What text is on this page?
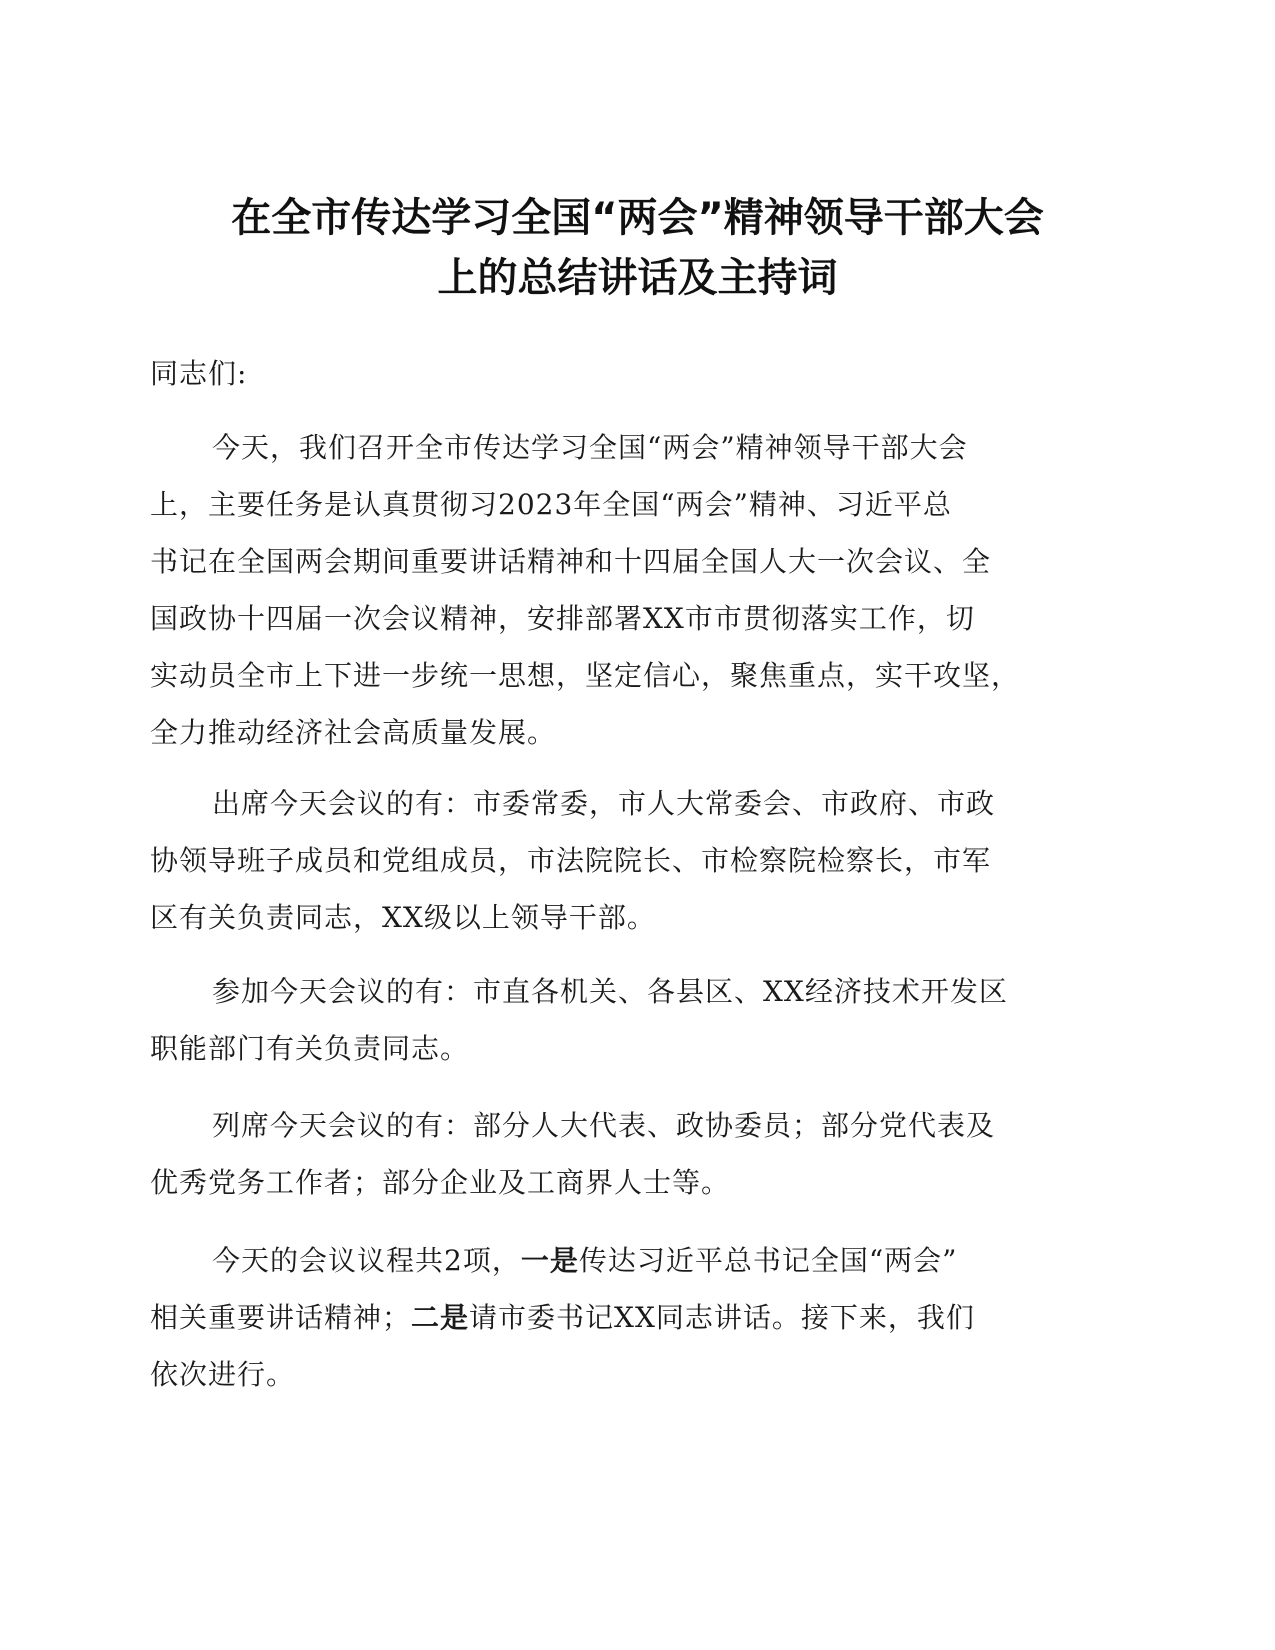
在全市传达学习全国“两会”精神领导干部大会
上的总结讲话及主持词
同志们:
今天，我们召开全市传达学习全国“两会”精神领导干部大会
上，主要任务是认真贯彻习2023年全国“两会”精神、习近平总
书记在全国两会期间重要讲话精神和十四届全国人大一次会议、全
国政协十四届一次会议精神，安排部署XX市市贯彻落实工作，切
实动员全市上下进一步统一思想，坚定信心，聚焦重点，实干攻坚，
全力推动经济社会高质量发展。
出席今天会议的有：市委常委，市人大常委会、市政府、市政
协领导班子成员和党组成员，市法院院长、市检察院检察长，市军
区有关负责同志，XX级以上领导干部。
参加今天会议的有：市直各机关、各县区、XX经济技术开发区
职能部门有关负责同志。
列席今天会议的有：部分人大代表、政协委员；部分党代表及
优秀党务工作者；部分企业及工商界人士等。
今天的会议议程共2项，一是传达习近平总书记全国“两会”
相关重要讲话精神；二是请市委书记XX同志讲话。接下来，我们
依次进行。
